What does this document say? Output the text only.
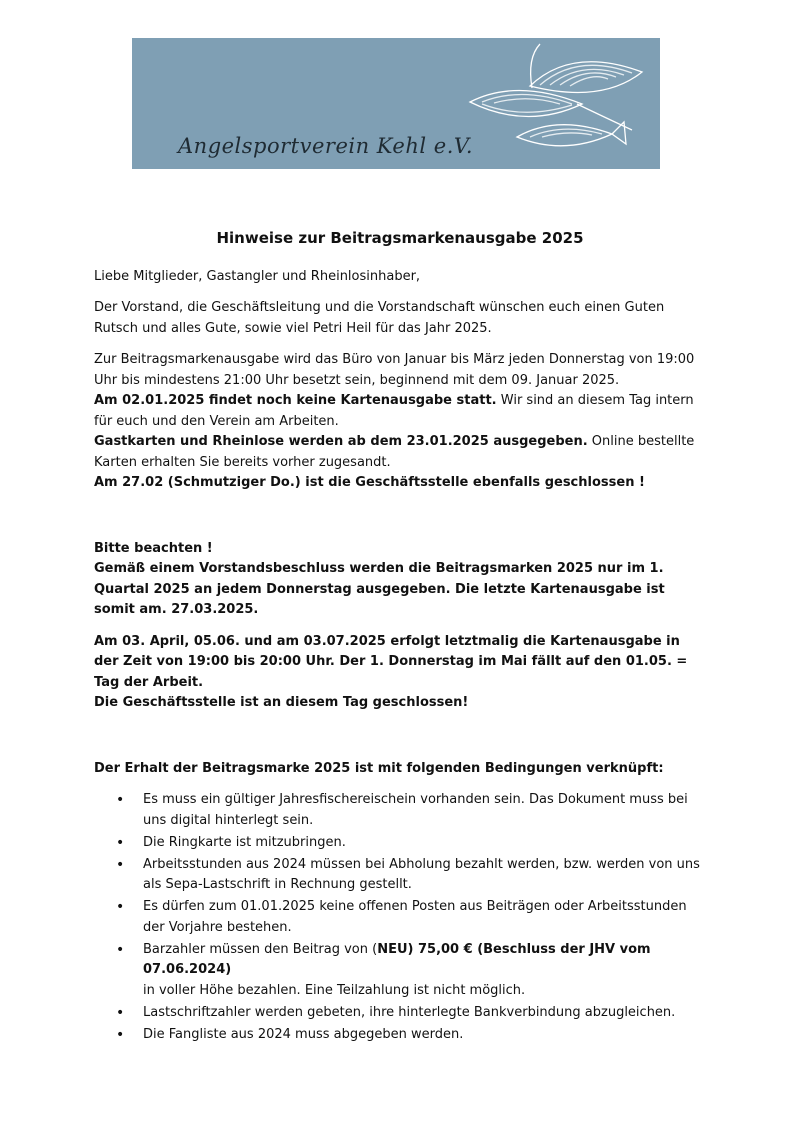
Angelsportverein Kehl e.V.
Hinweise zur Beitragsmarkenausgabe 2025

Liebe Mitglieder, Gastangler und Rheinlosinhaber,

Der Vorstand, die Geschäftsleitung und die Vorstandschaft wünschen euch einen Guten Rutsch und alles Gute, sowie viel Petri Heil für das Jahr 2025.

Zur Beitragsmarkenausgabe wird das Büro von Januar bis März jeden Donnerstag von 19:00 Uhr bis mindestens 21:00 Uhr besetzt sein, beginnend mit dem 09. Januar 2025.
Am 02.01.2025 findet noch keine Kartenausgabe statt. Wir sind an diesem Tag intern für euch und den Verein am Arbeiten.
Gastkarten und Rheinlose werden ab dem 23.01.2025 ausgegeben. Online bestellte Karten erhalten Sie bereits vorher zugesandt.
Am 27.02 (Schmutziger Do.) ist die Geschäftsstelle ebenfalls geschlossen !

Bitte beachten !
Gemäß einem Vorstandsbeschluss werden die Beitragsmarken 2025 nur im 1. Quartal 2025 an jedem Donnerstag ausgegeben. Die letzte Kartenausgabe ist somit am. 27.03.2025.

Am 03. April, 05.06. und am 03.07.2025 erfolgt letztmalig die Kartenausgabe in der Zeit von 19:00 bis 20:00 Uhr. Der 1. Donnerstag im Mai fällt auf den 01.05. = Tag der Arbeit.
Die Geschäftsstelle ist an diesem Tag geschlossen!

Der Erhalt der Beitragsmarke 2025 ist mit folgenden Bedingungen verknüpft:

• Es muss ein gültiger Jahresfischereischein vorhanden sein. Das Dokument muss bei uns digital hinterlegt sein.
• Die Ringkarte ist mitzubringen.
• Arbeitsstunden aus 2024 müssen bei Abholung bezahlt werden, bzw. werden von uns als Sepa-Lastschrift in Rechnung gestellt.
• Es dürfen zum 01.01.2025 keine offenen Posten aus Beiträgen oder Arbeitsstunden der Vorjahre bestehen.
• Barzahler müssen den Beitrag von (NEU) 75,00 € (Beschluss der JHV vom 07.06.2024)
in voller Höhe bezahlen. Eine Teilzahlung ist nicht möglich.
• Lastschriftzahler werden gebeten, ihre hinterlegte Bankverbindung abzugleichen.
• Die Fangliste aus 2024 muss abgegeben werden.
